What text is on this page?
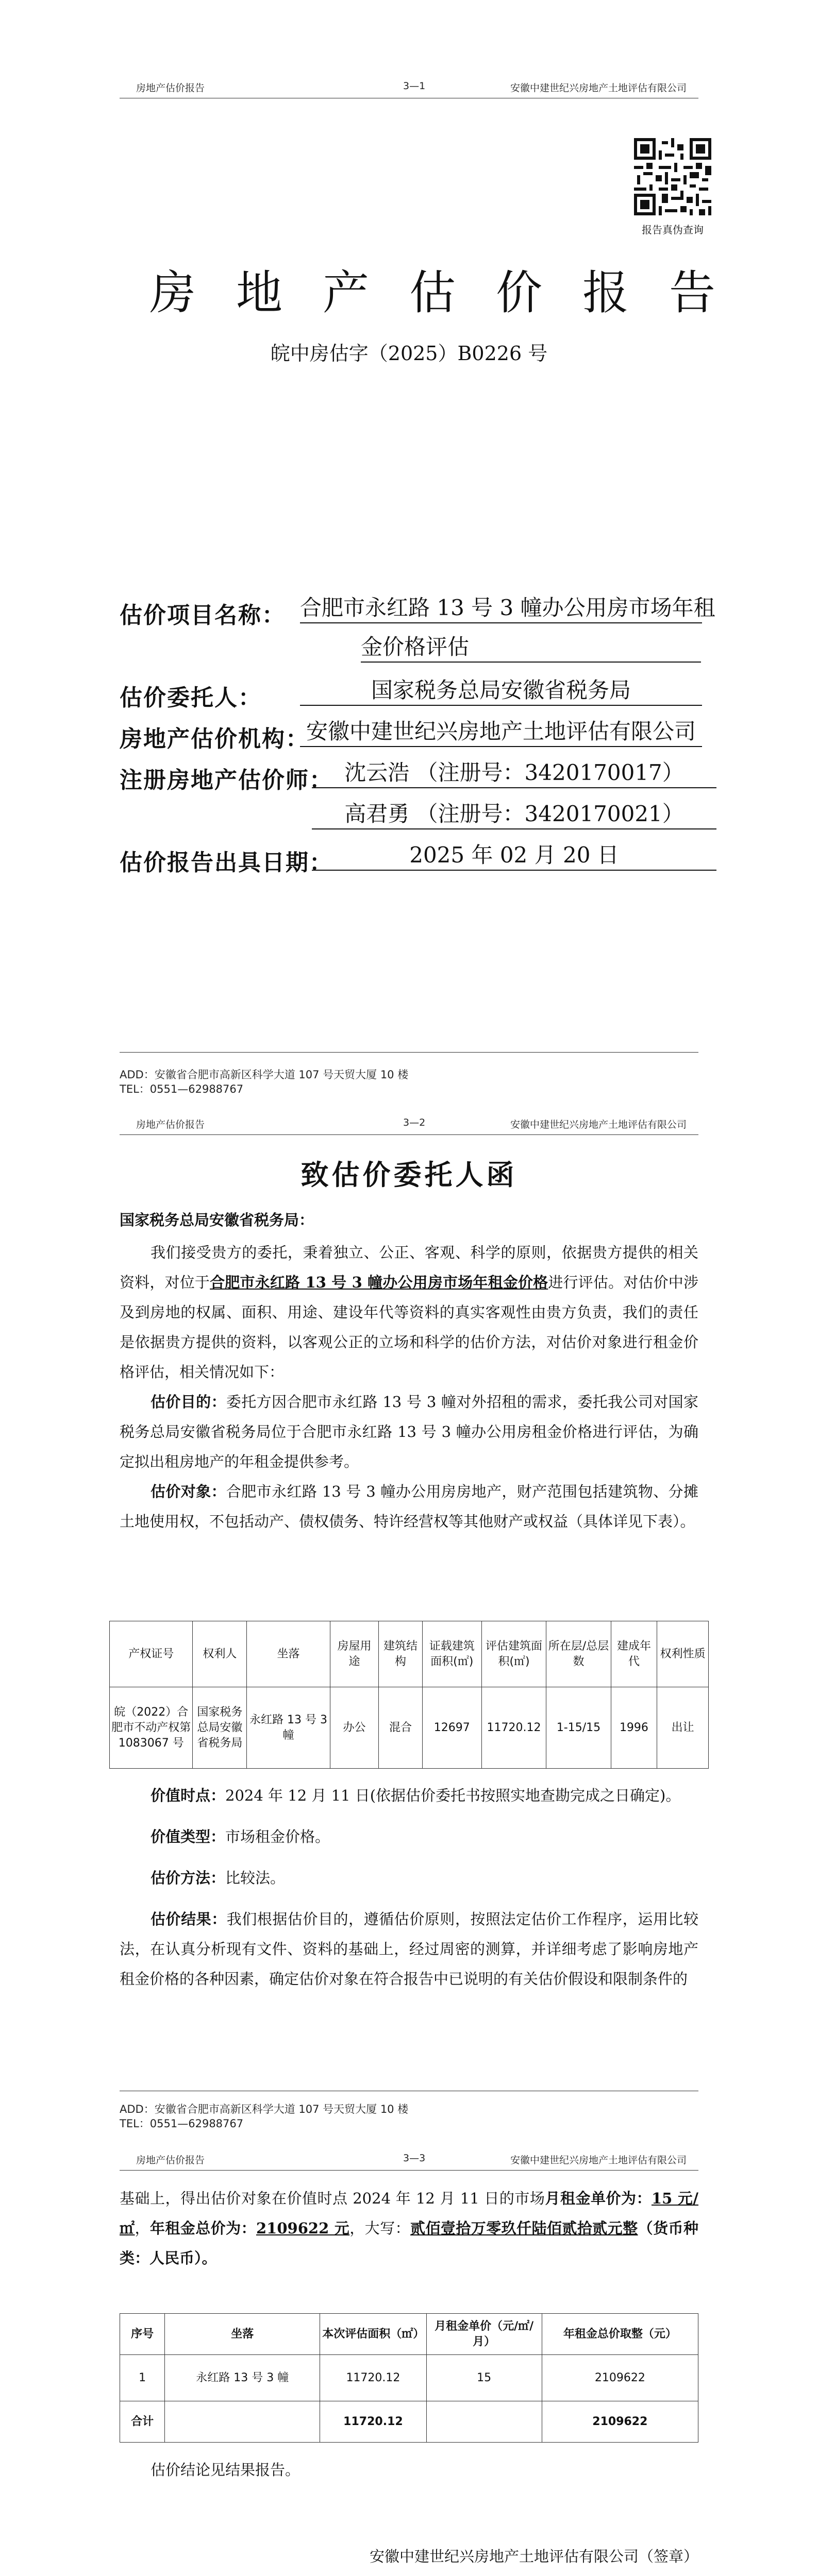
房地产估价报告	3—1	安徽中建世纪兴房地产土地评估有限公司
报告真伪查询
房地产估价报告
皖中房估字（2025）B0226 号
估价项目名称： 合肥市永红路 13 号 3 幢办公用房市场年租
金价格评估
估价委托人：	国家税务总局安徽省税务局
房地产估价机构：
安徽中建世纪兴房地产土地评估有限公司
注册房地产估价师： 沈云浩 （注册号：3420170017）
高君勇 （注册号：3420170021）
估价报告出具日期：	2025 年 02 月 20 日
ADD：安徽省合肥市高新区科学大道 107 号天贸大厦 10 楼
TEL：0551—62988767
房地产估价报告	3—2	安徽中建世纪兴房地产土地评估有限公司
致估价委托人函
国家税务总局安徽省税务局：
我们接受贵方的委托，秉着独立、公正、客观、科学的原则，依据贵方提供的相关资料，对位于合肥市永红路 13 号 3 幢办公用房市场年租金价格进行评估。对估价中涉及到房地的权属、面积、用途、建设年代等资料的真实客观性由贵方负责，我们的责任是依据贵方提供的资料，以客观公正的立场和科学的估价方法，对估价对象进行租金价格评估，相关情况如下：
估价目的：委托方因合肥市永红路 13 号 3 幢对外招租的需求，委托我公司对国家税务总局安徽省税务局位于合肥市永红路 13 号 3 幢办公用房租金价格进行评估，为确定拟出租房地产的年租金提供参考。
估价对象：合肥市永红路 13 号 3 幢办公用房房地产，财产范围包括建筑物、分摊土地使用权，不包括动产、债权债务、特许经营权等其他财产或权益（具体详见下表）。
产权证号	权利人	坐落	房屋用途	建筑结构	证载建筑面积(㎡)	评估建筑面积(㎡)	所在层/总层数	建成年代	权利性质
皖（2022）合肥市不动产权第1083067 号	国家税务总局安徽省税务局	永红路 13 号 3 幢	办公	混合	12697	11720.12	1-15/15	1996	出让
价值时点：2024 年 12 月 11 日(依据估价委托书按照实地查勘完成之日确定)。
价值类型：市场租金价格。
估价方法：比较法。
估价结果：我们根据估价目的，遵循估价原则，按照法定估价工作程序，运用比较法，在认真分析现有文件、资料的基础上，经过周密的测算，并详细考虑了影响房地产租金价格的各种因素，确定估价对象在符合报告中已说明的有关估价假设和限制条件的
ADD：安徽省合肥市高新区科学大道 107 号天贸大厦 10 楼
TEL：0551—62988767
房地产估价报告	3—3	安徽中建世纪兴房地产土地评估有限公司
基础上，得出估价对象在价值时点 2024 年 12 月 11 日的市场月租金单价为：15 元/㎡，年租金总价为：2109622 元，大写：贰佰壹拾万零玖仟陆佰贰拾贰元整（货币种类：人民币）。
序号	坐落	本次评估面积（㎡）	月租金单价（元/㎡/月）	年租金总价取整（元）
1	永红路 13 号 3 幢	11720.12	15	2109622
合计		11720.12		2109622
估价结论见结果报告。
安徽中建世纪兴房地产土地评估有限公司（签章）
